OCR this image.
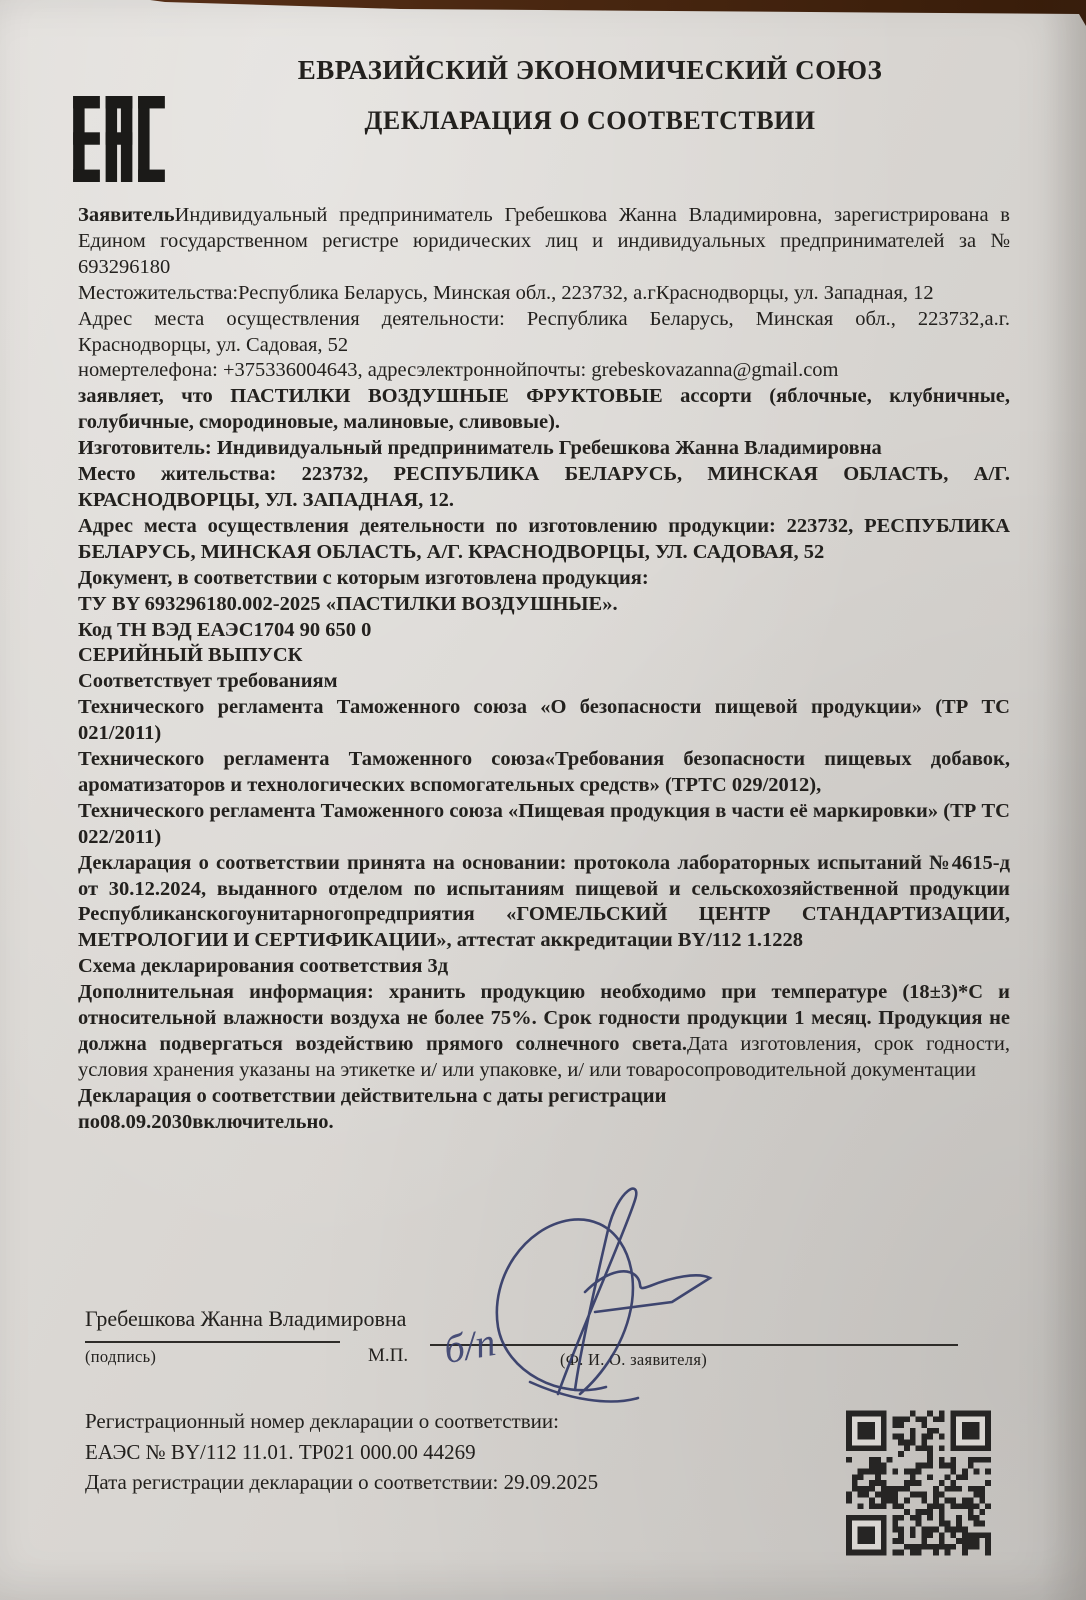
ЕВРАЗИЙСКИЙ ЭКОНОМИЧЕСКИЙ СОЮЗ
ДЕКЛАРАЦИЯ О СООТВЕТСТВИИ

ЗаявительИндивидуальный предприниматель Гребешкова Жанна Владимировна, зарегистрирована в Едином государственном регистре юридических лиц и индивидуальных предпринимателей за № 693296180

Местожительства:Республика Беларусь, Минская обл., 223732, а.гКраснодворцы, ул. Западная, 12

Адрес места осуществления деятельности: Республика Беларусь, Минская обл., 223732,а.г. Краснодворцы, ул. Садовая, 52

номертелефона: +375336004643, адресэлектроннойпочты: grebeskovazanna@gmail.com

заявляет, что ПАСТИЛКИ ВОЗДУШНЫЕ ФРУКТОВЫЕ ассорти (яблочные, клубничные, голубичные, смородиновые, малиновые, сливовые).

Изготовитель: Индивидуальный предприниматель Гребешкова Жанна Владимировна

Место жительства: 223732, РЕСПУБЛИКА БЕЛАРУСЬ, МИНСКАЯ ОБЛАСТЬ, А/Г. КРАСНОДВОРЦЫ, УЛ. ЗАПАДНАЯ, 12.

Адрес места осуществления деятельности по изготовлению продукции: 223732, РЕСПУБЛИКА БЕЛАРУСЬ, МИНСКАЯ ОБЛАСТЬ, А/Г. КРАСНОДВОРЦЫ, УЛ. САДОВАЯ, 52

Документ, в соответствии с которым изготовлена продукция:

ТУ BY 693296180.002-2025 «ПАСТИЛКИ ВОЗДУШНЫЕ».

Код ТН ВЭД ЕАЭС1704 90 650 0

СЕРИЙНЫЙ ВЫПУСК

Соответствует требованиям

Технического регламента Таможенного союза «О безопасности пищевой продукции» (ТР ТС 021/2011)

Технического регламента Таможенного союза«Требования безопасности пищевых добавок, ароматизаторов и технологических вспомогательных средств» (ТРТС 029/2012),

Технического регламента Таможенного союза «Пищевая продукция в части её маркировки» (ТР ТС 022/2011)

Декларация о соответствии принята на основании: протокола лабораторных испытаний №4615-д от 30.12.2024, выданного отделом по испытаниям пищевой и сельскохозяйственной продукции Республиканскогоунитарногопредприятия «ГОМЕЛЬСКИЙ ЦЕНТР СТАНДАРТИЗАЦИИ, МЕТРОЛОГИИ И СЕРТИФИКАЦИИ», аттестат аккредитации BY/112 1.1228

Схема декларирования соответствия 3д

Дополнительная информация: хранить продукцию необходимо при температуре (18±3)*С и относительной влажности воздуха не более 75%. Срок годности продукции 1 месяц. Продукция не должна подвергаться воздействию прямого солнечного света.Дата изготовления, срок годности, условия хранения указаны на этикетке и/ или упаковке, и/ или товаросопроводительной документации

Декларация о соответствии действительна с даты регистрации

по08.09.2030включительно.

Гребешкова Жанна Владимировна
(подпись)	М.П.	(Ф. И. О. заявителя)
б/п
Регистрационный номер декларации о соответствии:
ЕАЭС № BY/112 11.01. ТР021 000.00 44269
Дата регистрации декларации о соответствии: 29.09.2025
